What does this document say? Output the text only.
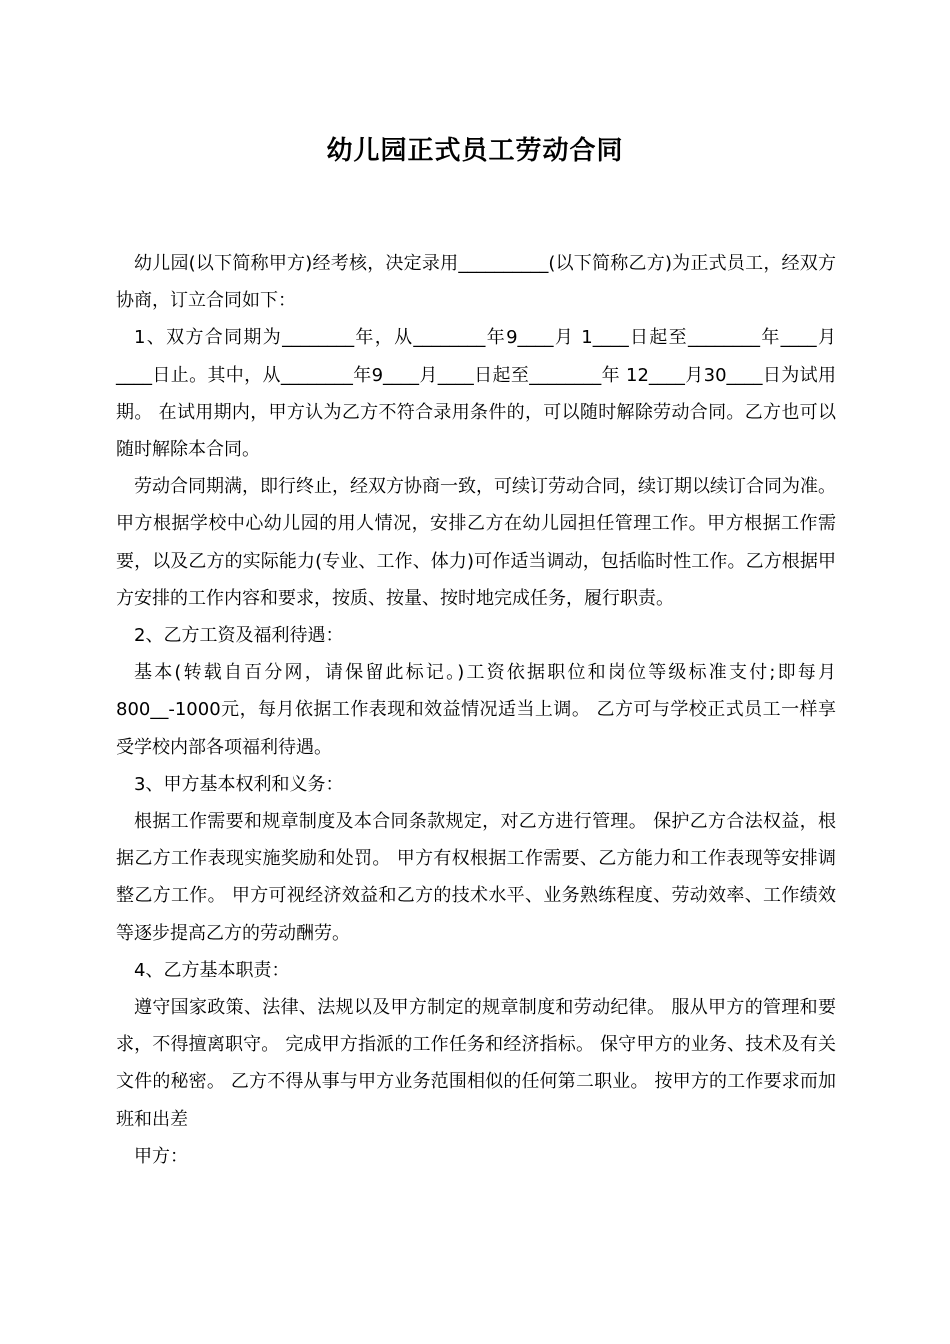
幼儿园正式员工劳动合同

幼儿园(以下简称甲方)经考核，决定录用__________(以下简称乙方)为正式员工，经双方协商，订立合同如下：

1、双方合同期为________年，从________年9____月 1____日起至________年____月____日止。其中，从________年9____月____日起至________年 12____月30____日为试用期。 在试用期内，甲方认为乙方不符合录用条件的，可以随时解除劳动合同。乙方也可以随时解除本合同。

劳动合同期满，即行终止，经双方协商一致，可续订劳动合同，续订期以续订合同为准。 甲方根据学校中心幼儿园的用人情况，安排乙方在幼儿园担任管理工作。甲方根据工作需要，以及乙方的实际能力(专业、工作、体力)可作适当调动，包括临时性工作。乙方根据甲方安排的工作内容和要求，按质、按量、按时地完成任务，履行职责。

2、乙方工资及福利待遇：

基本(转载自百分网，请保留此标记。)工资依据职位和岗位等级标准支付;即每月800__-1000元，每月依据工作表现和效益情况适当上调。 乙方可与学校正式员工一样享受学校内部各项福利待遇。

3、甲方基本权利和义务：

根据工作需要和规章制度及本合同条款规定，对乙方进行管理。 保护乙方合法权益，根据乙方工作表现实施奖励和处罚。 甲方有权根据工作需要、乙方能力和工作表现等安排调整乙方工作。 甲方可视经济效益和乙方的技术水平、业务熟练程度、劳动效率、工作绩效等逐步提高乙方的劳动酬劳。

4、乙方基本职责：

遵守国家政策、法律、法规以及甲方制定的规章制度和劳动纪律。 服从甲方的管理和要求，不得擅离职守。 完成甲方指派的工作任务和经济指标。 保守甲方的业务、技术及有关文件的秘密。 乙方不得从事与甲方业务范围相似的任何第二职业。 按甲方的工作要求而加班和出差

甲方：
